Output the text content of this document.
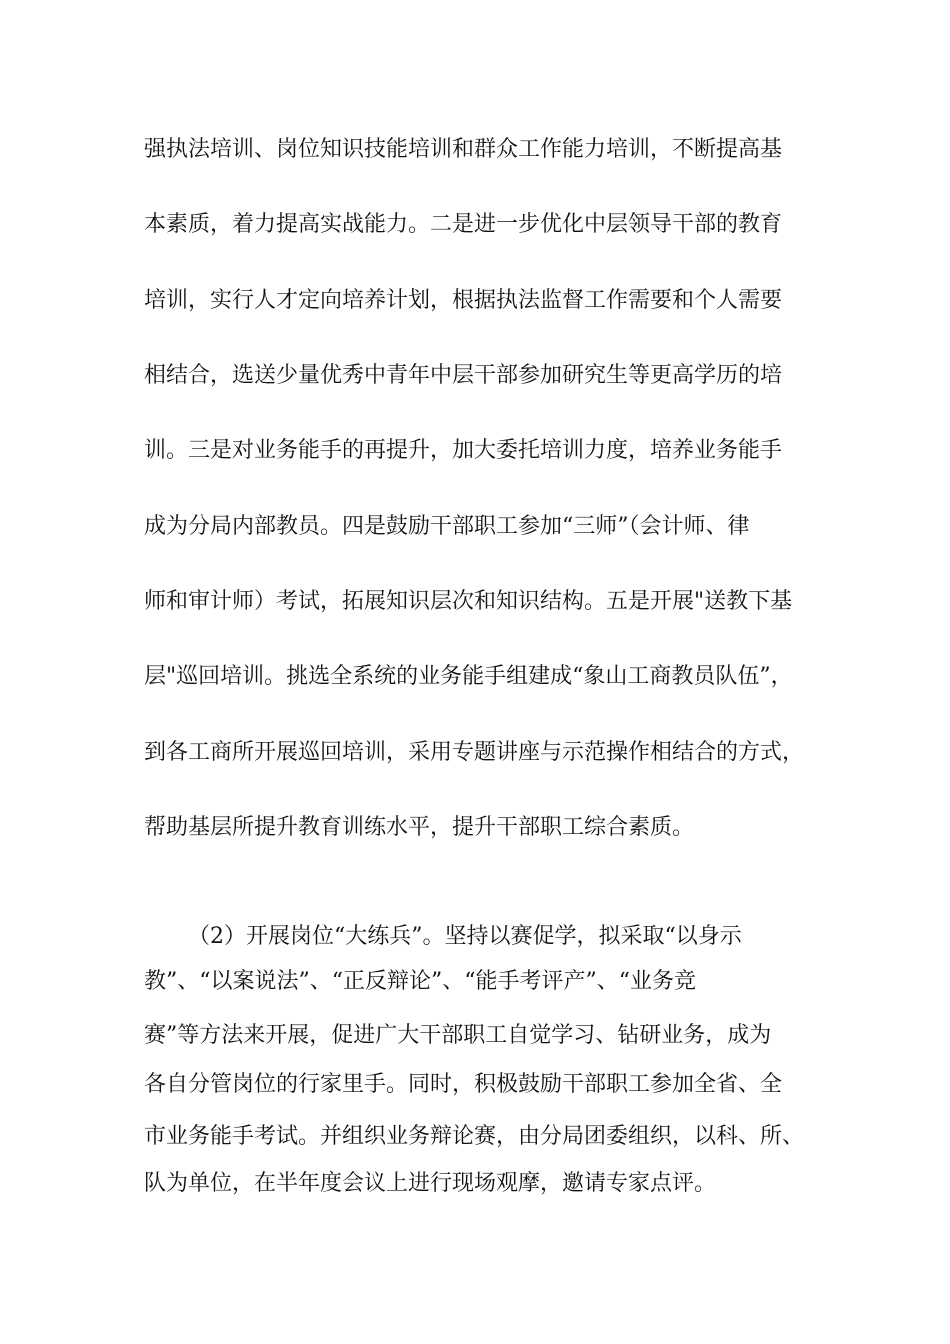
强执法培训、岗位知识技能培训和群众工作能力培训，不断提高基
本素质，着力提高实战能力。二是进一步优化中层领导干部的教育
培训，实行人才定向培养计划，根据执法监督工作需要和个人需要
相结合，选送少量优秀中青年中层干部参加研究生等更高学历的培
训。三是对业务能手的再提升，加大委托培训力度，培养业务能手
成为分局内部教员。四是鼓励干部职工参加“三师”（会计师、律
师和审计师）考试，拓展知识层次和知识结构。五是开展"送教下基
层"巡回培训。挑选全系统的业务能手组建成“象山工商教员队伍”，
到各工商所开展巡回培训，采用专题讲座与示范操作相结合的方式，
帮助基层所提升教育训练水平，提升干部职工综合素质。
（2）开展岗位“大练兵”。坚持以赛促学，拟采取“以身示
教”、“以案说法”、“正反辩论”、“能手考评产”、“业务竞
赛”等方法来开展，促进广大干部职工自觉学习、钻研业务，成为
各自分管岗位的行家里手。同时，积极鼓励干部职工参加全省、全
市业务能手考试。并组织业务辩论赛，由分局团委组织，以科、所、
队为单位，在半年度会议上进行现场观摩，邀请专家点评。
